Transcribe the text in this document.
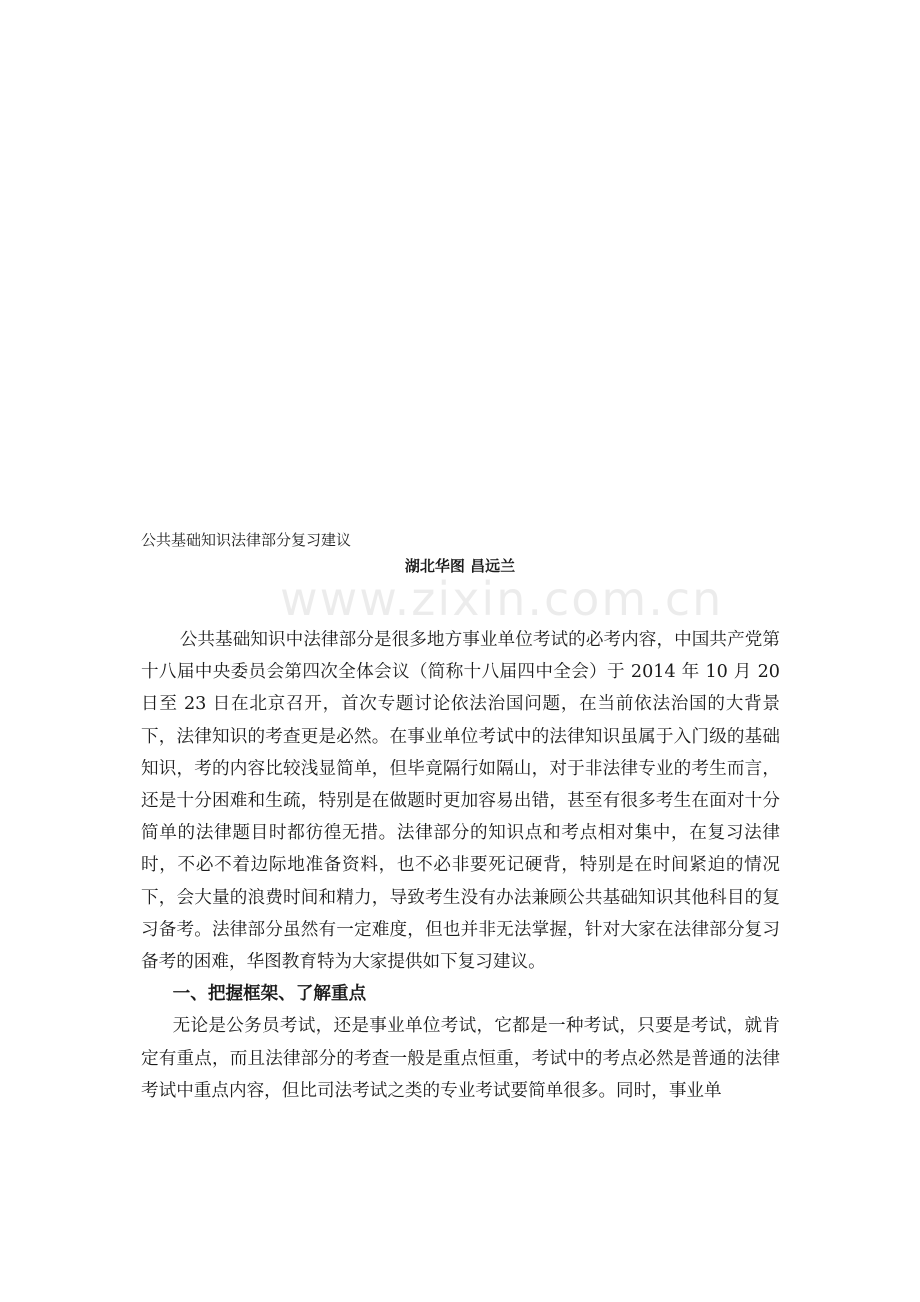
www.zixin.com.cn

公共基础知识法律部分复习建议

湖北华图 昌远兰

公共基础知识中法律部分是很多地方事业单位考试的必考内容，中国共产党第十八届中央委员会第四次全体会议（简称十八届四中全会）于 2014 年 10 月 20 日至 23 日在北京召开，首次专题讨论依法治国问题，在当前依法治国的大背景下，法律知识的考查更是必然。在事业单位考试中的法律知识虽属于入门级的基础知识，考的内容比较浅显简单，但毕竟隔行如隔山，对于非法律专业的考生而言，还是十分困难和生疏，特别是在做题时更加容易出错，甚至有很多考生在面对十分简单的法律题目时都彷徨无措。法律部分的知识点和考点相对集中，在复习法律时，不必不着边际地准备资料，也不必非要死记硬背，特别是在时间紧迫的情况下，会大量的浪费时间和精力，导致考生没有办法兼顾公共基础知识其他科目的复习备考。法律部分虽然有一定难度，但也并非无法掌握，针对大家在法律部分复习备考的困难，华图教育特为大家提供如下复习建议。

一、把握框架、了解重点

无论是公务员考试，还是事业单位考试，它都是一种考试，只要是考试，就肯定有重点，而且法律部分的考查一般是重点恒重，考试中的考点必然是普通的法律考试中重点内容，但比司法考试之类的专业考试要简单很多。同时，事业单
